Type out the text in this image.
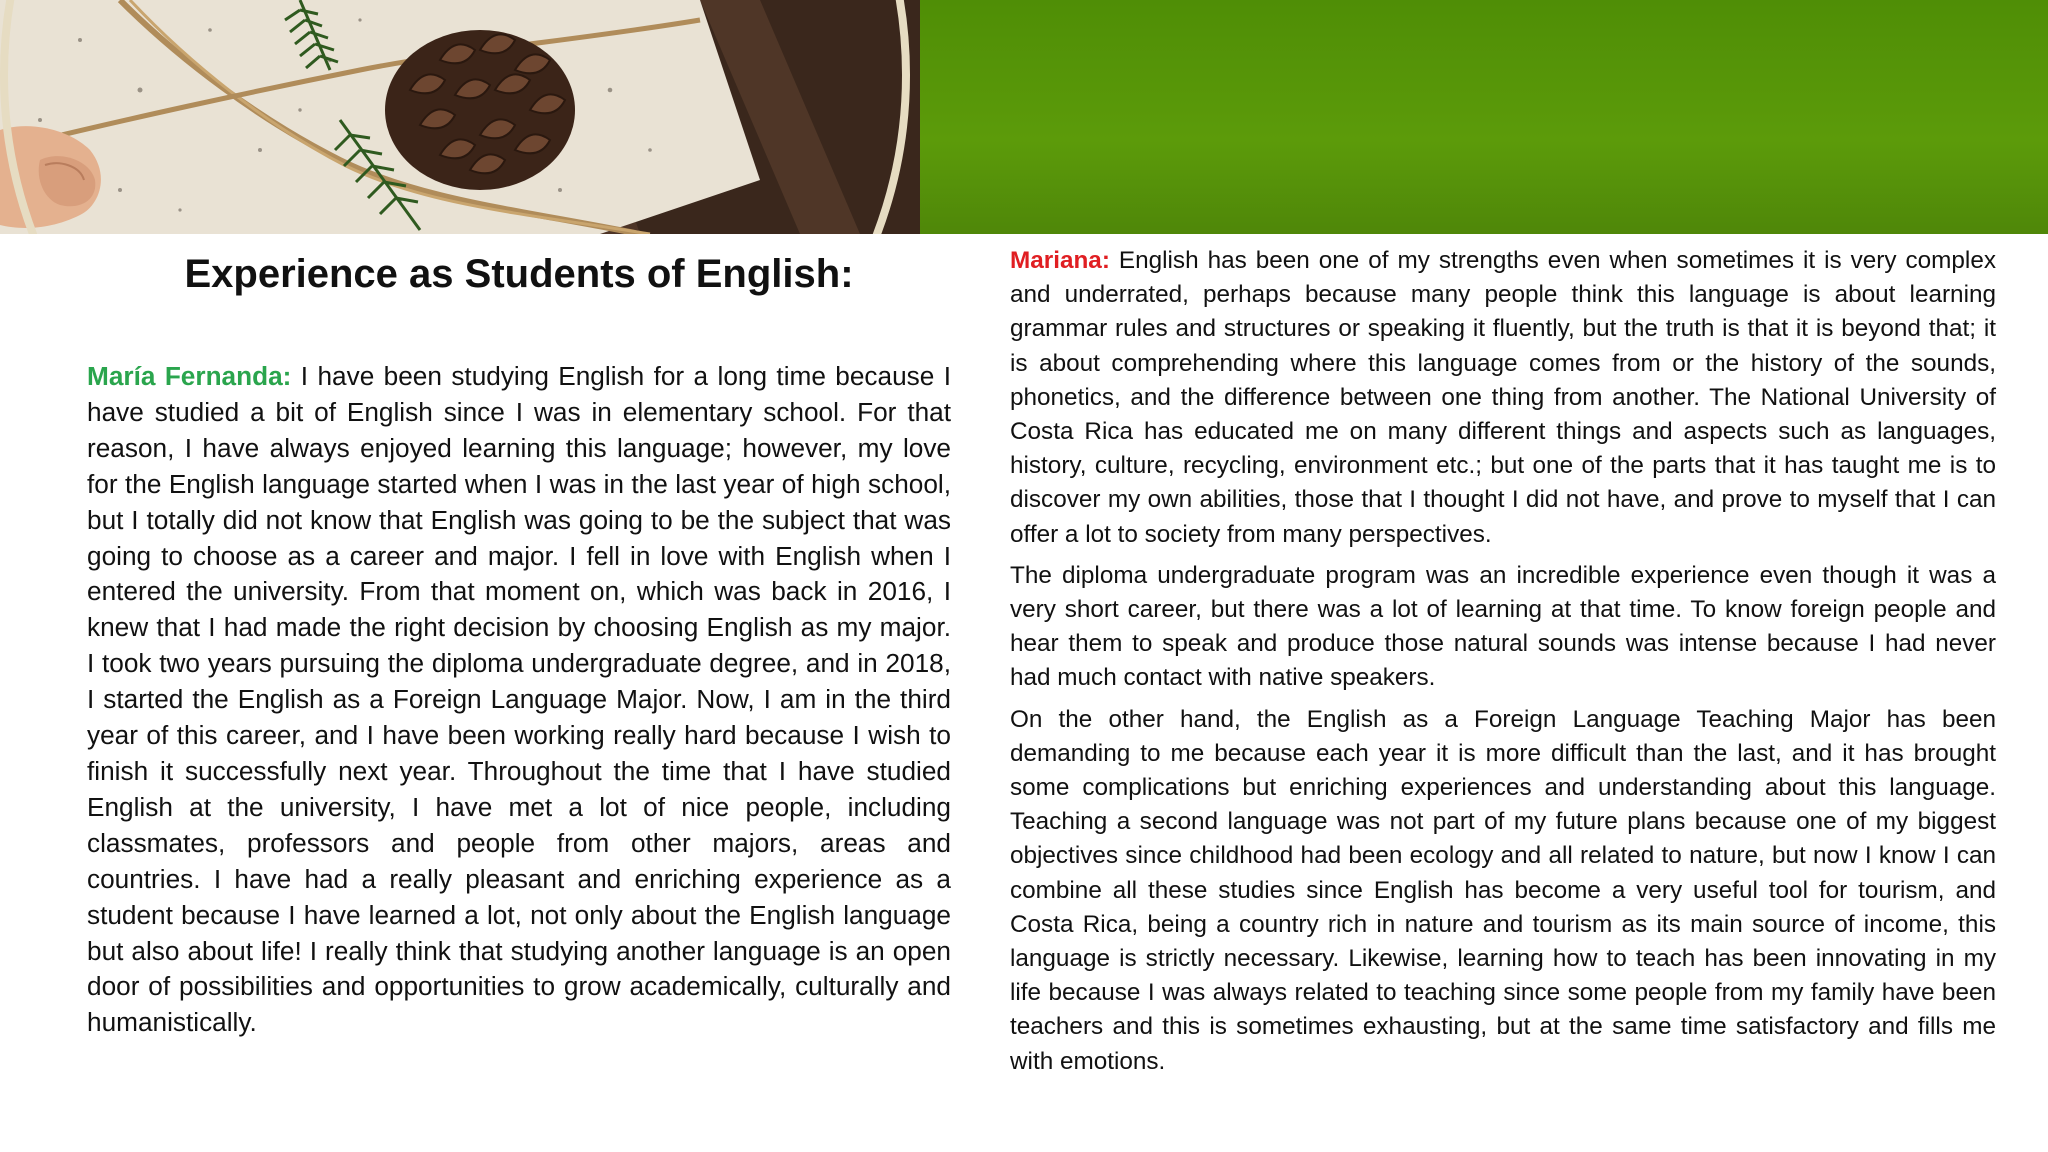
Experience as Students of English:

María Fernanda: I have been studying English for a long time because I have studied a bit of English since I was in elementary school. For that reason, I have always enjoyed learning this language; however, my love for the English language started when I was in the last year of high school, but I totally did not know that English was going to be the subject that was going to choose as a career and major. I fell in love with English when I entered the university. From that moment on, which was back in 2016, I knew that I had made the right decision by choosing English as my major. I took two years pursuing the diploma undergraduate degree, and in 2018, I started the English as a Foreign Language Major. Now, I am in the third year of this career, and I have been working really hard because I wish to finish it successfully next year. Throughout the time that I have studied English at the university, I have met a lot of nice people, including classmates, professors and people from other majors, areas and countries. I have had a really pleasant and enriching experience as a student because I have learned a lot, not only about the English language but also about life! I really think that studying another language is an open door of possibilities and opportunities to grow academically, culturally and humanistically.

Mariana: English has been one of my strengths even when sometimes it is very complex and underrated, perhaps because many people think this language is about learning grammar rules and structures or speaking it fluently, but the truth is that it is beyond that; it is about comprehending where this language comes from or the history of the sounds, phonetics, and the difference between one thing from another. The National University of Costa Rica has educated me on many different things and aspects such as languages, history, culture, recycling, environment etc.; but one of the parts that it has taught me is to discover my own abilities, those that I thought I did not have, and prove to myself that I can offer a lot to society from many perspectives.

The diploma undergraduate program was an incredible experience even though it was a very short career, but there was a lot of learning at that time. To know foreign people and hear them to speak and produce those natural sounds was intense because I had never had much contact with native speakers.

On the other hand, the English as a Foreign Language Teaching Major has been demanding to me because each year it is more difficult than the last, and it has brought some complications but enriching experiences and understanding about this language. Teaching a second language was not part of my future plans because one of my biggest objectives since childhood had been ecology and all related to nature, but now I know I can combine all these studies since English has become a very useful tool for tourism, and Costa Rica, being a country rich in nature and tourism as its main source of income, this language is strictly necessary. Likewise, learning how to teach has been innovating in my life because I was always related to teaching since some people from my family have been teachers and this is sometimes exhausting, but at the same time satisfactory and fills me with emotions.
